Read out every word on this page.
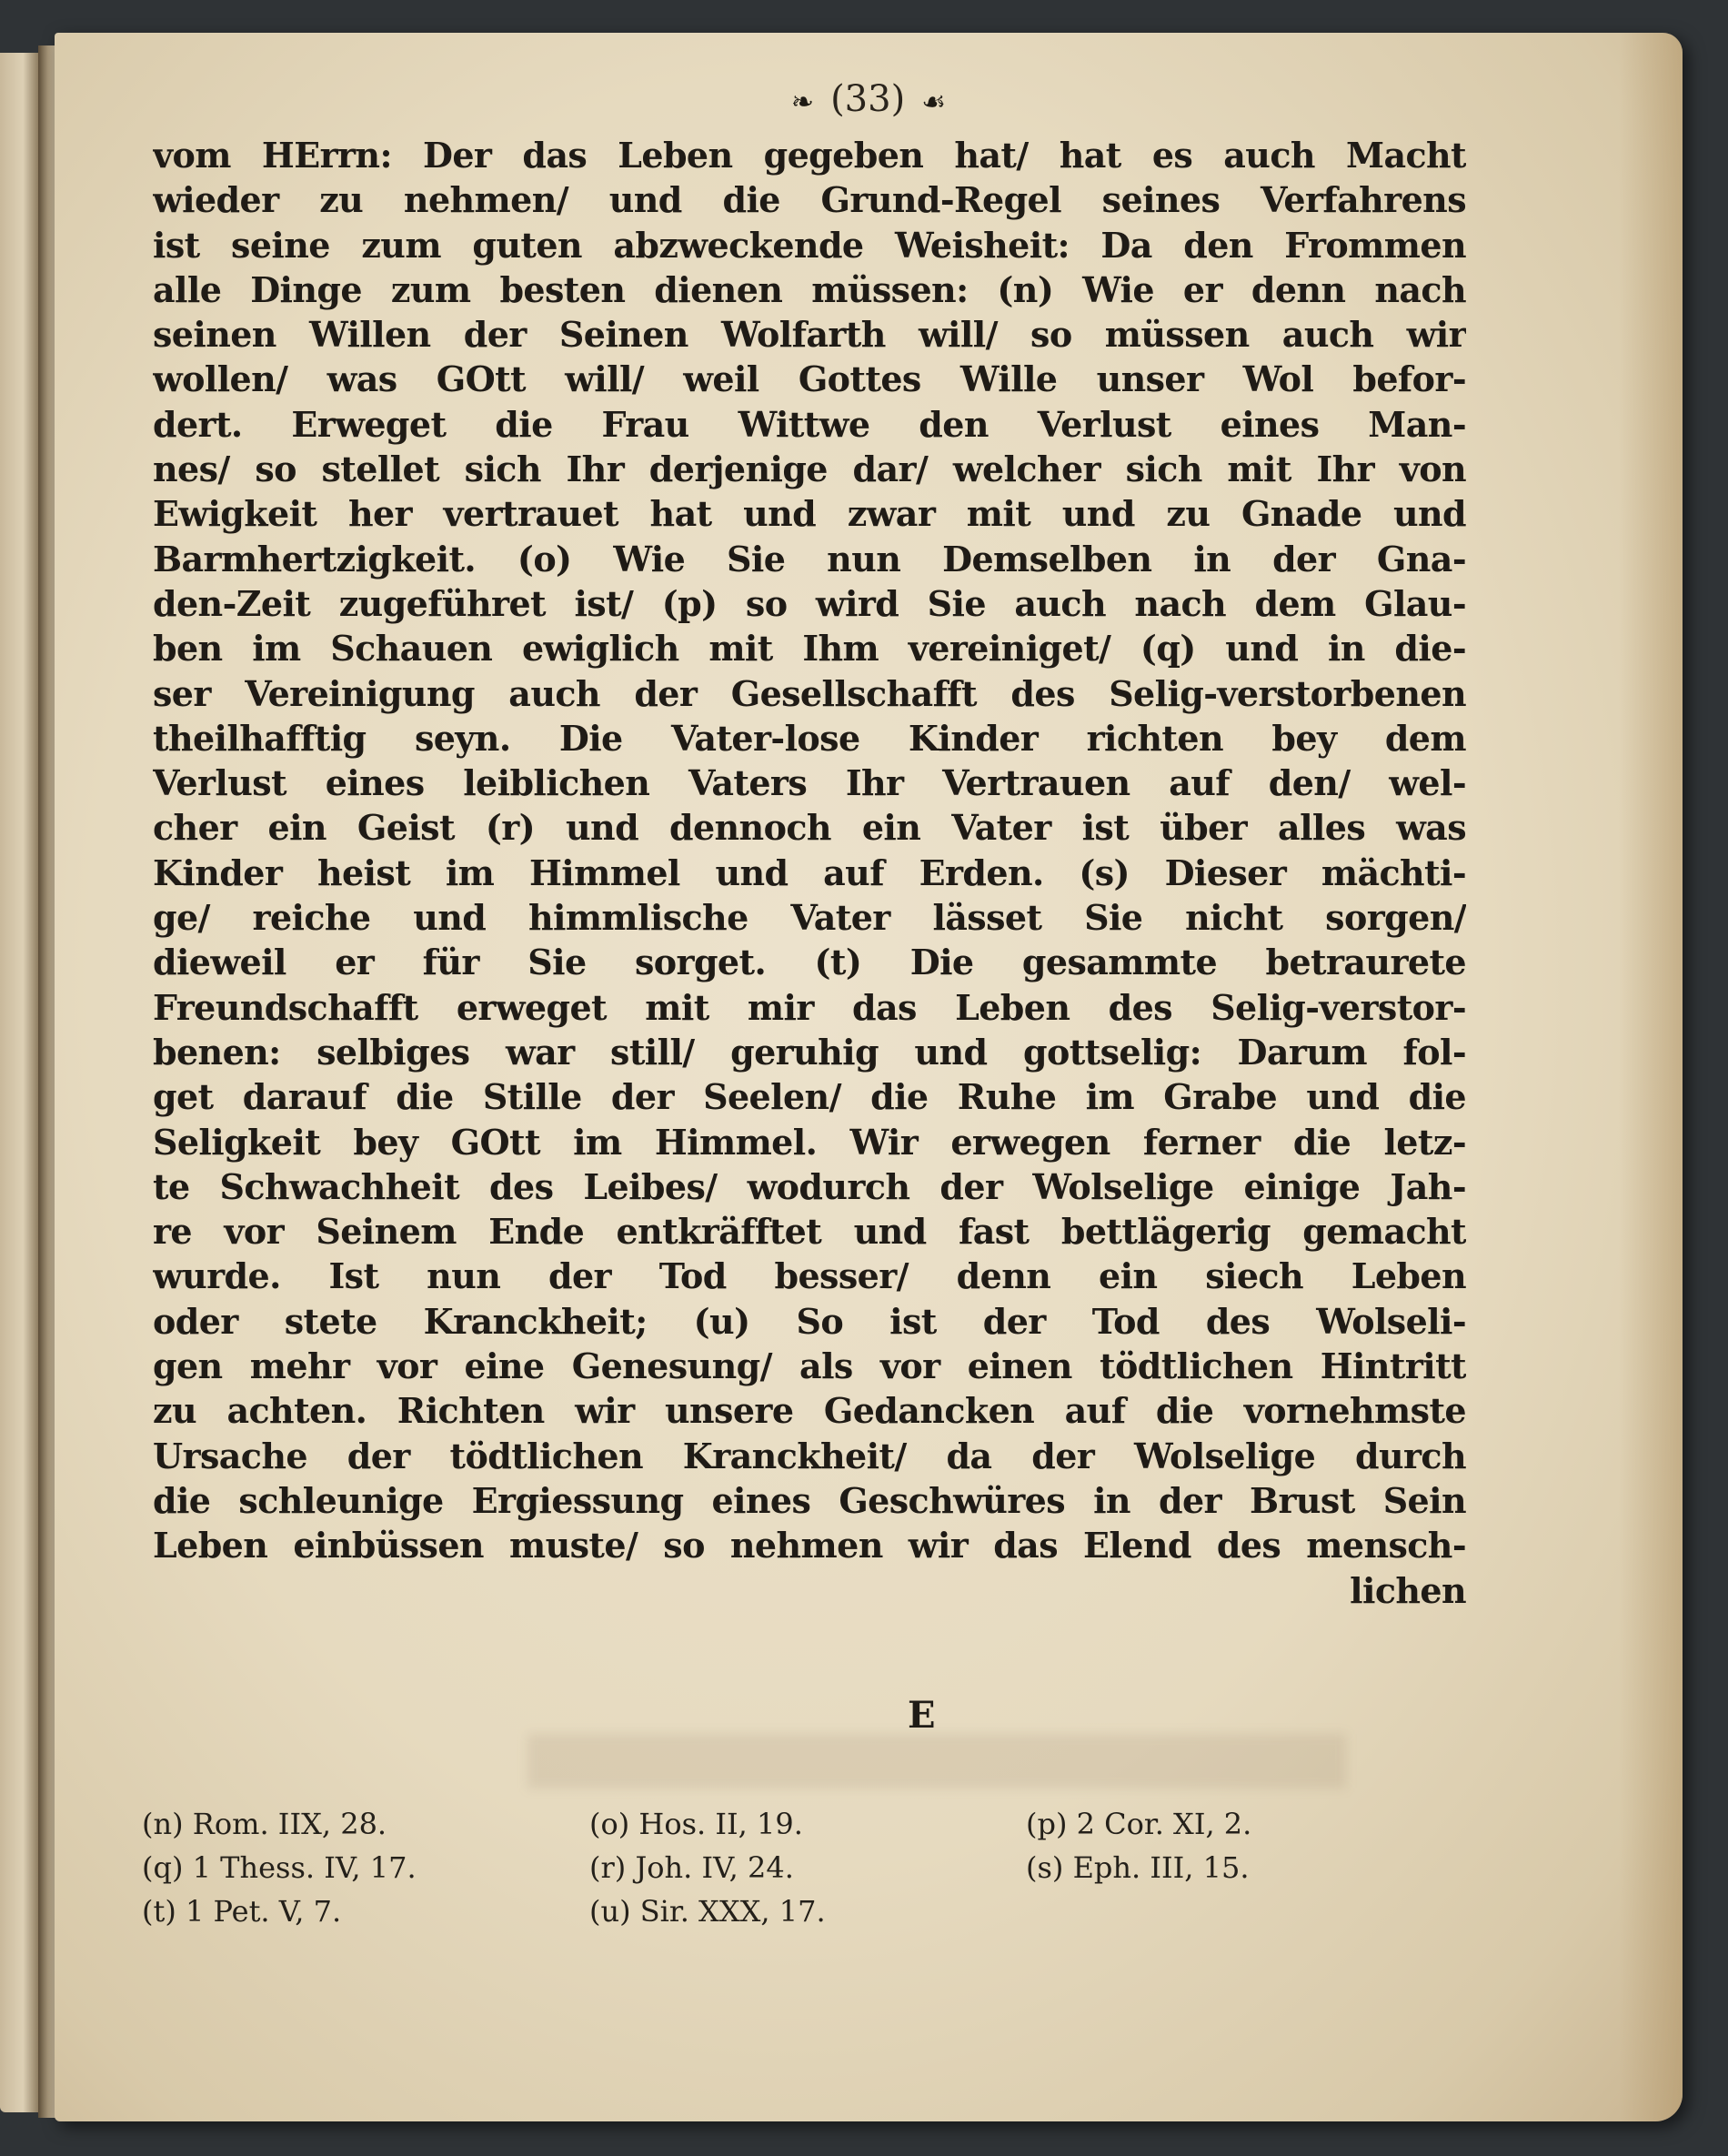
❧ (33) ☙
vom HErrn: Der das Leben gegeben hat/ hat es auch Macht
wieder zu nehmen/ und die Grund-Regel seines Verfahrens
ist seine zum guten abzweckende Weisheit: Da den Frommen
alle Dinge zum besten dienen müssen: (n) Wie er denn nach
seinen Willen der Seinen Wolfarth will/ so müssen auch wir
wollen/ was GOtt will/ weil Gottes Wille unser Wol befor-
dert. Erweget die Frau Wittwe den Verlust eines Man-
nes/ so stellet sich Ihr derjenige dar/ welcher sich mit Ihr von
Ewigkeit her vertrauet hat und zwar mit und zu Gnade und
Barmhertzigkeit. (o) Wie Sie nun Demselben in der Gna-
den-Zeit zugeführet ist/ (p) so wird Sie auch nach dem Glau-
ben im Schauen ewiglich mit Ihm vereiniget/ (q) und in die-
ser Vereinigung auch der Gesellschafft des Selig-verstorbenen
theilhafftig seyn. Die Vater-lose Kinder richten bey dem
Verlust eines leiblichen Vaters Ihr Vertrauen auf den/ wel-
cher ein Geist (r) und dennoch ein Vater ist über alles was
Kinder heist im Himmel und auf Erden. (s) Dieser mächti-
ge/ reiche und himmlische Vater lässet Sie nicht sorgen/
dieweil er für Sie sorget. (t) Die gesammte betraurete
Freundschafft erweget mit mir das Leben des Selig-verstor-
benen: selbiges war still/ geruhig und gottselig: Darum fol-
get darauf die Stille der Seelen/ die Ruhe im Grabe und die
Seligkeit bey GOtt im Himmel. Wir erwegen ferner die letz-
te Schwachheit des Leibes/ wodurch der Wolselige einige Jah-
re vor Seinem Ende entkräfftet und fast bettlägerig gemacht
wurde. Ist nun der Tod besser/ denn ein siech Leben
oder stete Kranckheit; (u) So ist der Tod des Wolseli-
gen mehr vor eine Genesung/ als vor einen tödtlichen Hintritt
zu achten. Richten wir unsere Gedancken auf die vornehmste
Ursache der tödtlichen Kranckheit/ da der Wolselige durch
die schleunige Ergiessung eines Geschwüres in der Brust Sein
Leben einbüssen muste/ so nehmen wir das Elend des mensch-
lichen
E
(n) Rom. IIX, 28.	(o) Hos. II, 19.	(p) 2 Cor. XI, 2.
(q) 1 Thess. IV, 17.	(r) Joh. IV, 24.	(s) Eph. III, 15.
(t) 1 Pet. V, 7.	(u) Sir. XXX, 17.
